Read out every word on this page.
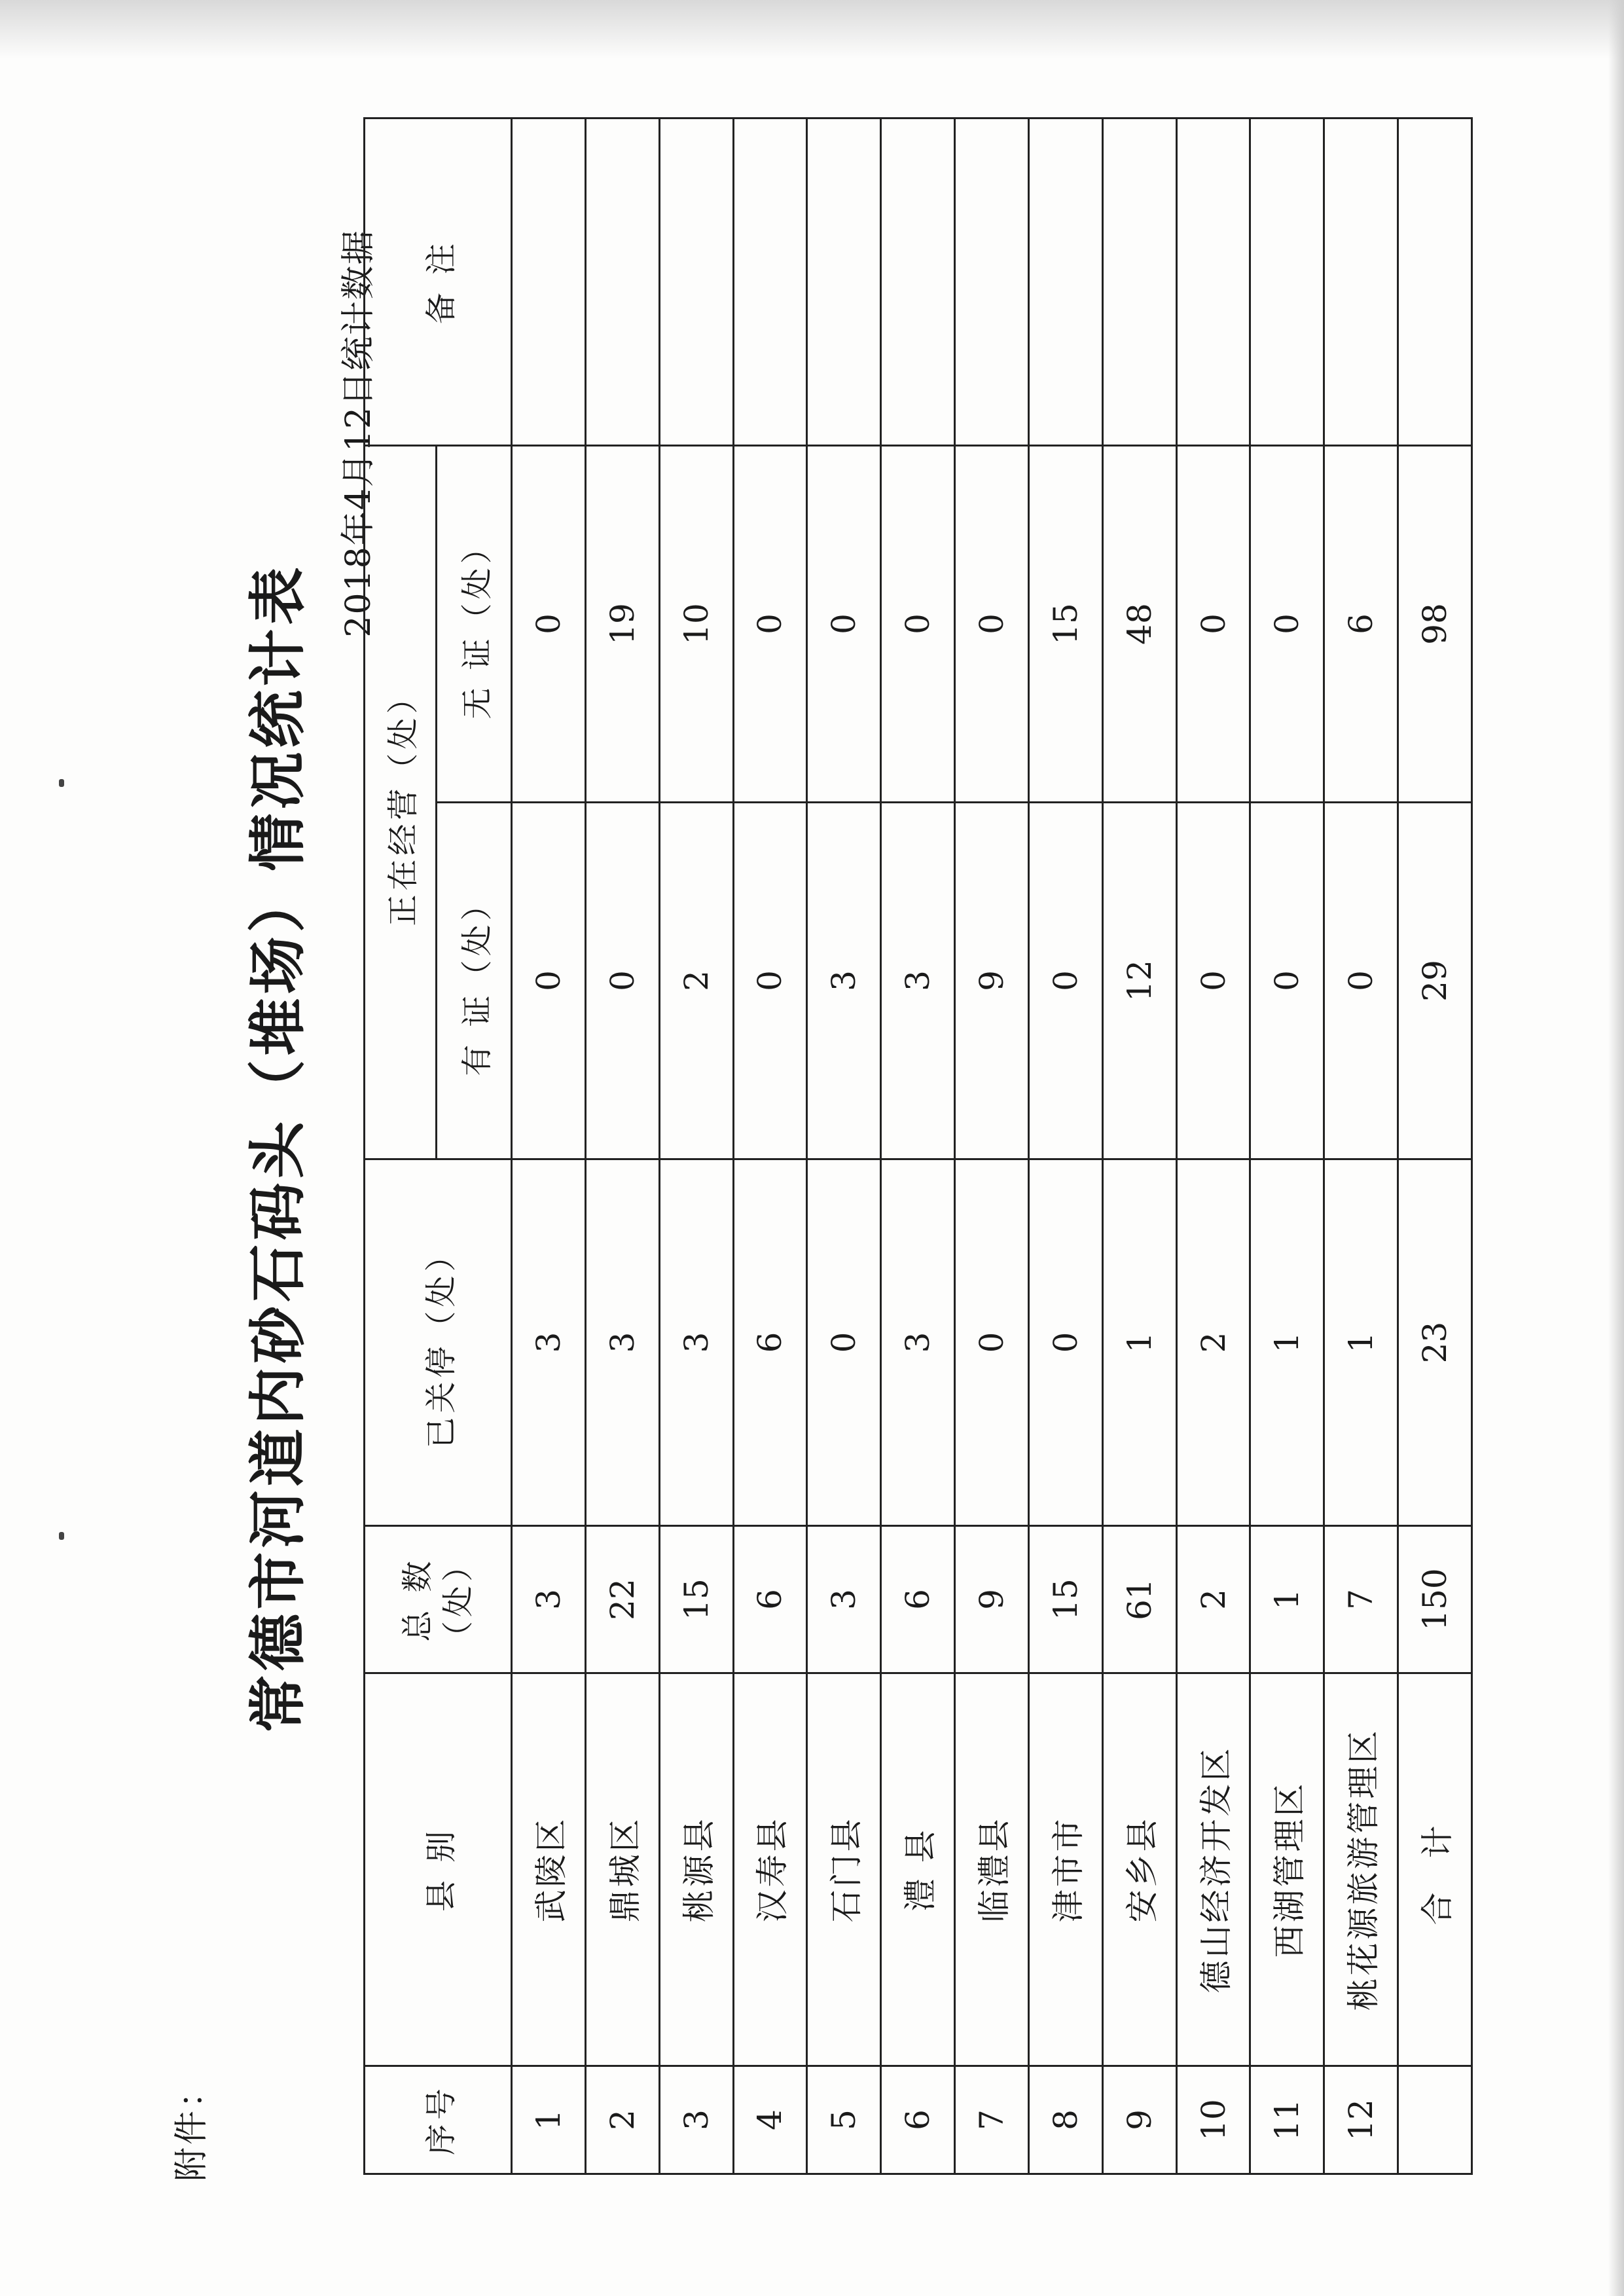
附件：
常德市河道内砂石码头（堆场）情况统计表
2018年4月12日统计数据
序号	县 别	总 数 （处）	已关停（处）	正在经营（处）		备 注
				有 证（处）	无 证（处）	
1	武陵区	3	3	0	0	
2	鼎城区	22	3	0	19	
3	桃源县	15	3	2	10	
4	汉寿县	6	6	0	0	
5	石门县	3	0	3	0	
6	澧 县	6	3	3	0	
7	临澧县	9	0	9	0	
8	津市市	15	0	0	15	
9	安乡县	61	1	12	48	
10	德山经济开发区	2	2	0	0	
11	西湖管理区	1	1	0	0	
12	桃花源旅游管理区	7	1	0	6	
	合 计	150	23	29	98	
